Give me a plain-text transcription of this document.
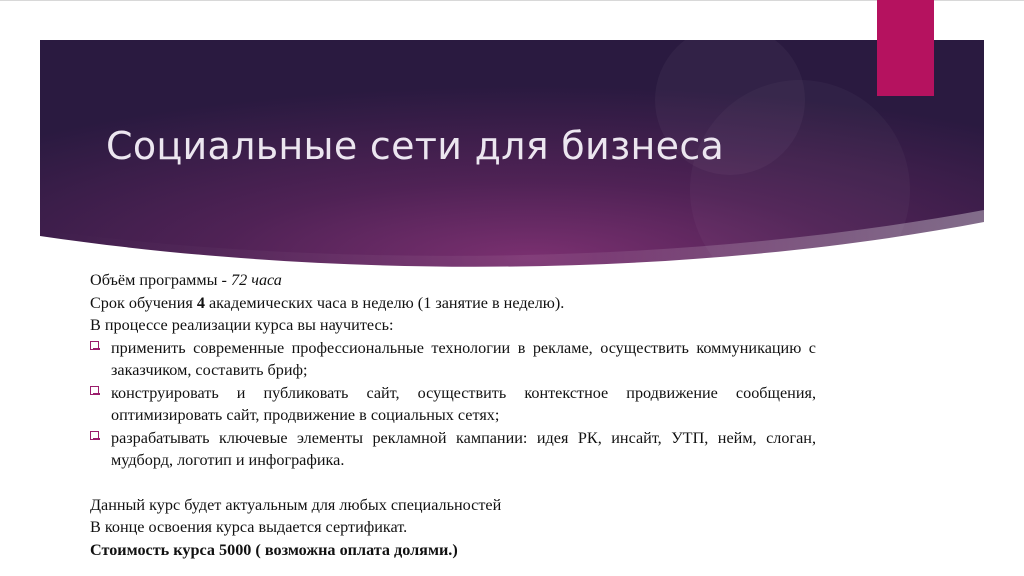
Социальные сети для бизнеса
Объём программы - 72 часа
Срок обучения 4 академических часа в неделю (1 занятие в неделю).
В процессе реализации курса вы научитесь:
применить современные профессиональные технологии в рекламе, осуществить коммуникацию с заказчиком, составить бриф;
конструировать и публиковать сайт, осуществить контекстное продвижение сообщения, оптимизировать сайт, продвижение в социальных сетях;
разрабатывать ключевые элементы рекламной кампании: идея РК, инсайт, УТП, нейм, слоган, мудборд, логотип и инфографика.
Данный курс будет актуальным для любых специальностей
В конце освоения курса выдается сертификат.
Стоимость курса 5000 ( возможна оплата долями.)
